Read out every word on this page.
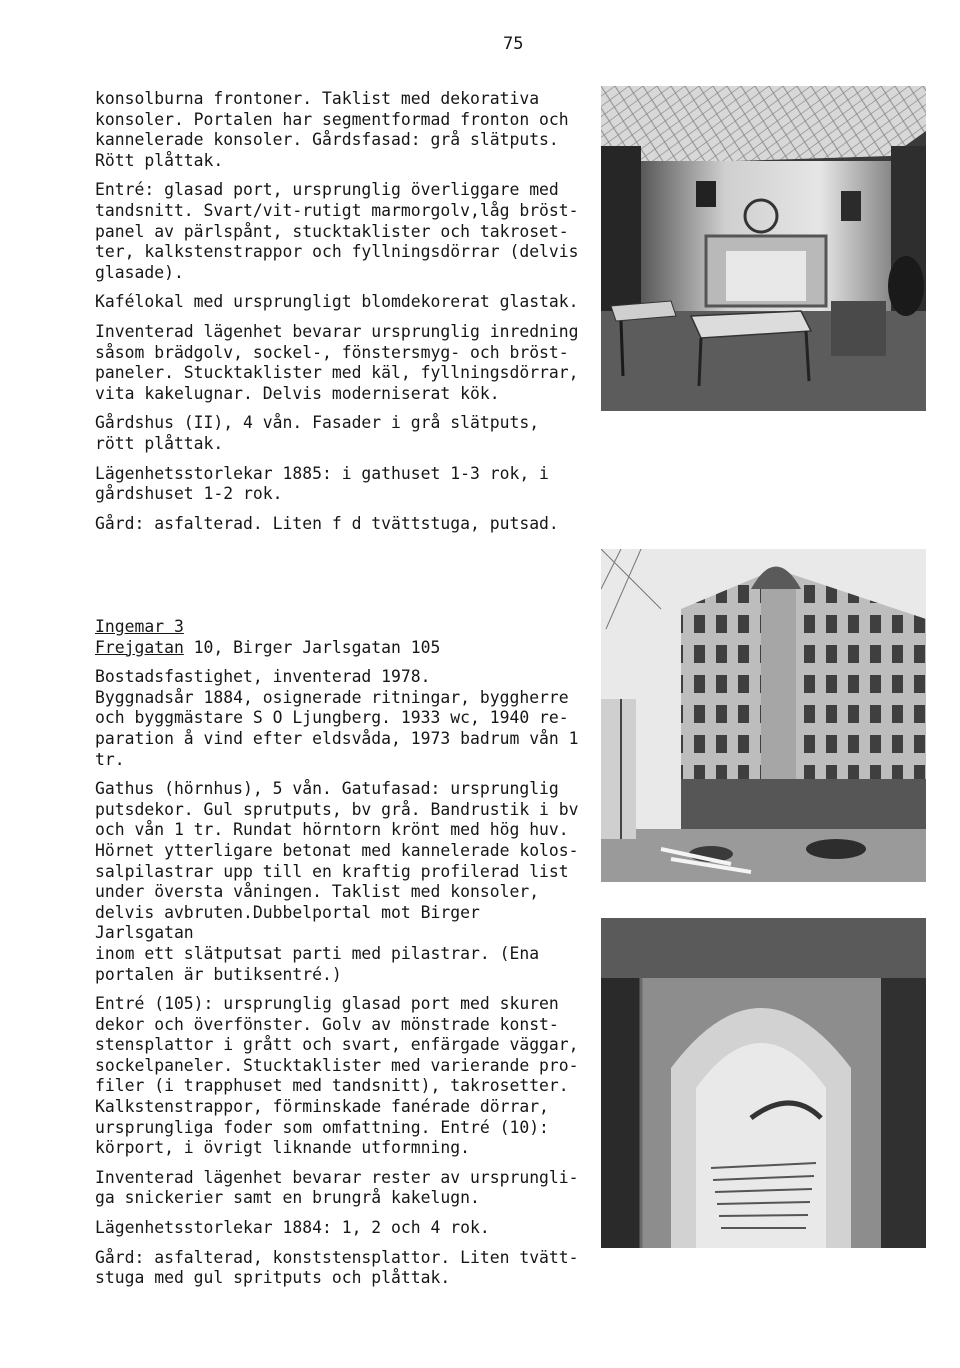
75

konsolburna frontoner. Taklist med dekorativa
konsoler. Portalen har segmentformad fronton och
kannelerade konsoler. Gårdsfasad: grå slätputs.
Rött plåttak.

Entré: glasad port, ursprunglig överliggare med
tandsnitt. Svart/vit-rutigt marmorgolv,låg bröst-
panel av pärlspånt, stucktaklister och takroset-
ter, kalkstenstrappor och fyllningsdörrar (delvis
glasade).

Kafélokal med ursprungligt blomdekorerat glastak.

Inventerad lägenhet bevarar ursprunglig inredning
såsom brädgolv, sockel-, fönstersmyg- och bröst-
paneler. Stucktaklister med käl, fyllningsdörrar,
vita kakelugnar. Delvis moderniserat kök.

Gårdshus (II), 4 vån. Fasader i grå slätputs,
rött plåttak.

Lägenhetsstorlekar 1885: i gathuset 1-3 rok, i
gårdshuset 1-2 rok.

Gård: asfalterad. Liten f d tvättstuga, putsad.

Ingemar 3

Frejgatan 10, Birger Jarlsgatan 105

Bostadsfastighet, inventerad 1978.
Byggnadsår 1884, osignerade ritningar, byggherre
och byggmästare S O Ljungberg. 1933 wc, 1940 re-
paration å vind efter eldsvåda, 1973 badrum vån 1
tr.

Gathus (hörnhus), 5 vån. Gatufasad: ursprunglig
putsdekor. Gul sprutputs, bv grå. Bandrustik i bv
och vån 1 tr. Rundat hörntorn krönt med hög huv.
Hörnet ytterligare betonat med kannelerade kolos-
salpilastrar upp till en kraftig profilerad list
under översta våningen. Taklist med konsoler,
delvis avbruten.Dubbelportal mot Birger Jarlsgatan
inom ett slätputsat parti med pilastrar. (Ena
portalen är butiksentré.)

Entré (105): ursprunglig glasad port med skuren
dekor och överfönster. Golv av mönstrade konst-
stensplattor i grått och svart, enfärgade väggar,
sockelpaneler. Stucktaklister med varierande pro-
filer (i trapphuset med tandsnitt), takrosetter.
Kalkstenstrappor, förminskade fanérade dörrar,
ursprungliga foder som omfattning. Entré (10):
körport, i övrigt liknande utformning.

Inventerad lägenhet bevarar rester av ursprungli-
ga snickerier samt en brungrå kakelugn.

Lägenhetsstorlekar 1884: 1, 2 och 4 rok.

Gård: asfalterad, konststensplattor. Liten tvätt-
stuga med gul spritputs och plåttak.
